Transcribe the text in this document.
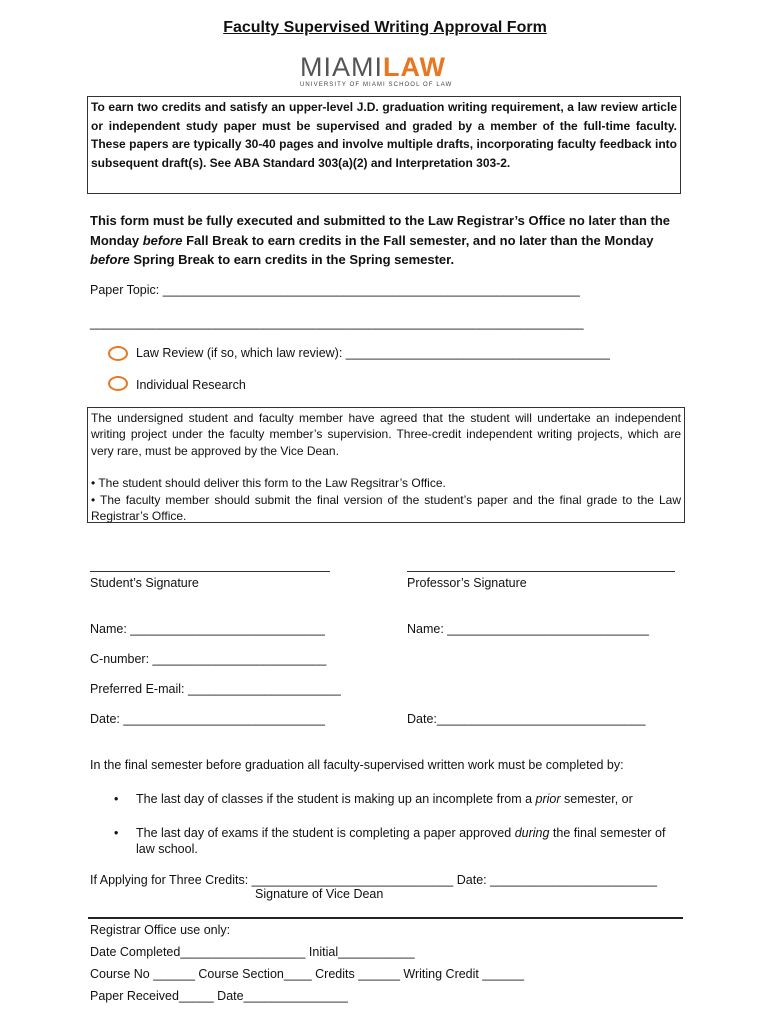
Faculty Supervised Writing Approval Form
MIAMILAW
UNIVERSITY OF MIAMI SCHOOL OF LAW
To earn two credits and satisfy an upper-level J.D. graduation writing requirement, a law review article or independent study paper must be supervised and graded by a member of the full-time faculty. These papers are typically 30-40 pages and involve multiple drafts, incorporating faculty feedback into subsequent draft(s). See ABA Standard 303(a)(2) and Interpretation 303-2.
This form must be fully executed and submitted to the Law Registrar’s Office no later than the Monday before Fall Break to earn credits in the Fall semester, and no later than the Monday before Spring Break to earn credits in the Spring semester.
Paper Topic: ____________________________________________________________
_______________________________________________________________________
Law Review (if so, which law review): ______________________________________
Individual Research

The undersigned student and faculty member have agreed that the student will undertake an independent writing project under the faculty member’s supervision. Three-credit independent writing projects, which are very rare, must be approved by the Vice Dean.

• The student should deliver this form to the Law Regsitrar’s Office.

• The faculty member should submit the final version of the student’s paper and the final grade to the Law Registrar’s Office.

Student’s Signature	Professor’s Signature
Name: ____________________________	Name: _____________________________
C-number: _________________________
Preferred E-mail: ______________________
Date: _____________________________	Date:______________________________
In the final semester before graduation all faculty-supervised written work must be completed by:
• The last day of classes if the student is making up an incomplete from a prior semester, or
• The last day of exams if the student is completing a paper approved during the final semester of law school.
If Applying for Three Credits: _____________________________ Date: ________________________
Signature of Vice Dean
Registrar Office use only:
Date Completed__________________ Initial___________
Course No ______ Course Section____ Credits ______ Writing Credit ______
Paper Received_____ Date_______________
